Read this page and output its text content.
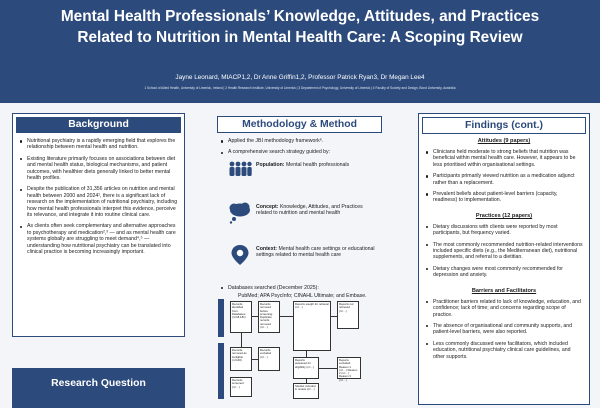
Mental Health Professionals’ Knowledge, Attitudes, and Practices Related to Nutrition in Mental Health Care: A Scoping Review
Jayne Leonard, MIACP1,2, Dr Anne Griffin1,2, Professor Patrick Ryan3, Dr Megan Lee4
1 School of Allied Health, University of Limerick, Ireland | 2 Health Research Institute, University of Limerick | 3 Department of Psychology, University of Limerick | 4 Faculty of Society and Design, Bond University, Australia
Background
Nutritional psychiatry is a rapidly emerging field that explores the relationship between mental health and nutrition.
Existing literature primarily focuses on associations between diet and mental health status, biological mechanisms, and patient outcomes, with healthier diets generally linked to better mental health profiles.
Despite the publication of 31,356 articles on nutrition and mental health between 2000 and 2024¹, there is a significant lack of research on the implementation of nutritional psychiatry, including how mental health professionals interpret this evidence, perceive its relevance, and integrate it into routine clinical care.
As clients often seek complementary and alternative approaches to psychotherapy and medication²,³ — and as mental health care systems globally are struggling to meet demand⁴,⁵ — understanding how nutritional psychiatry can be translated into clinical practice is becoming increasingly important.
Research Question
Methodology & Method
Applied the JBI methodology framework⁶.
A comprehensive search strategy guided by:
Population: Mental health professionals
Concept: Knowledge, Attitudes, and Practices related to nutrition and mental health
Context: Mental health care settings or educational settings related to mental health care
Databases searched (December 2025):
PubMed; APA PsycInfo; CINAHL Ultimate; and Embase.
Records identified from: Databases (n=18,181)
Records removed before screening: Duplicate records removed (n=…)
Reports sought for retrieval (n=…)
Reports not retrieved (n=…)
Records removed as ineligible (n=140)
Records excluded (n=…)
Reports assessed for eligibility (n=…)
Reports excluded: Reason 1 (n=…) Reason 2 (n=…) Reason 3 (n=…)
Records screened (n=…)	Studies included in review (n=…)
Findings (cont.)
Attitudes (9 papers)
Clinicians held moderate to strong beliefs that nutrition was beneficial within mental health care. However, it appears to be less prioritised within organisational settings.
Participants primarily viewed nutrition as a medication adjunct rather than a replacement.
Prevalent beliefs about patient-level barriers (capacity, readiness) to implementation.
Practices (12 papers)
Dietary discussions with clients were reported by most participants, but frequency varied.
The most commonly recommended nutrition-related interventions included specific diets (e.g., the Mediterranean diet), nutritional supplements, and referral to a dietitian.
Dietary changes were most commonly recommended for depression and anxiety.
Barriers and Facilitators
Practitioner barriers related to lack of knowledge, education, and confidence; lack of time; and concerns regarding scope of practice.
The absence of organisational and community supports, and patient-level barriers, were also reported.
Less commonly discussed were facilitators, which included education, nutritional psychiatry clinical care guidelines, and other supports.
